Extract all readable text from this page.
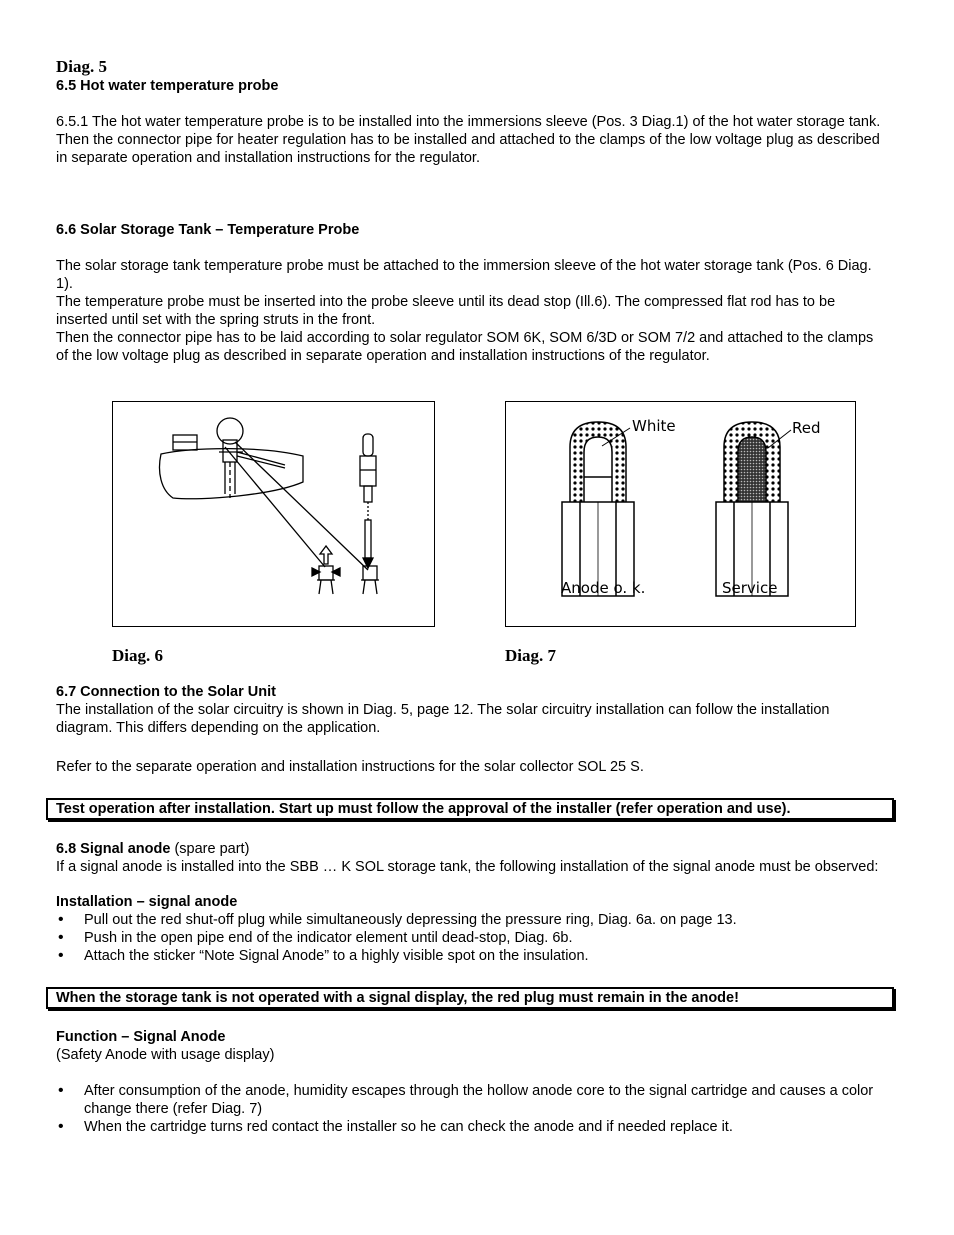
Diag. 5
6.5 Hot water temperature probe
6.5.1 The hot water temperature probe is to be installed into the immersions sleeve (Pos. 3 Diag.1) of the hot water storage tank.
Then the connector pipe for heater regulation has to be installed and attached to the clamps of the low voltage plug as described in separate operation and installation instructions for the regulator.
6.6 Solar Storage Tank – Temperature Probe
The solar storage tank temperature probe must be attached to the immersion sleeve of the hot water storage tank (Pos. 6 Diag. 1).
The temperature probe must be inserted into the probe sleeve until its dead stop (Ill.6). The compressed flat rod has to be inserted until set with the spring struts in the front.
Then the connector pipe has to be laid according to solar regulator SOM 6K, SOM 6/3D or SOM 7/2 and attached to the clamps of the low voltage plug as described in separate operation and installation instructions of the regulator.
White	Red
Anode o. k.	Service
Diag. 6	Diag. 7
6.7 Connection to the Solar Unit
The installation of the solar circuitry is shown in Diag. 5, page 12. The solar circuitry installation can follow the installation diagram. This differs depending on the application.
Refer to the separate operation and installation instructions for the solar collector SOL 25 S.
Test operation after installation. Start up must follow the approval of the installer (refer operation and use).
6.8 Signal anode (spare part)
If a signal anode is installed into the SBB … K SOL storage tank, the following installation of the signal anode must be observed:
Installation – signal anode
• Pull out the red shut-off plug while simultaneously depressing the pressure ring, Diag. 6a. on page 13.
• Push in the open pipe end of the indicator element until dead-stop, Diag. 6b.
• Attach the sticker “Note Signal Anode” to a highly visible spot on the insulation.
When the storage tank is not operated with a signal display, the red plug must remain in the anode!
Function – Signal Anode
(Safety Anode with usage display)
• After consumption of the anode, humidity escapes through the hollow anode core to the signal cartridge and causes a color change there (refer Diag. 7)
• When the cartridge turns red contact the installer so he can check the anode and if needed replace it.
